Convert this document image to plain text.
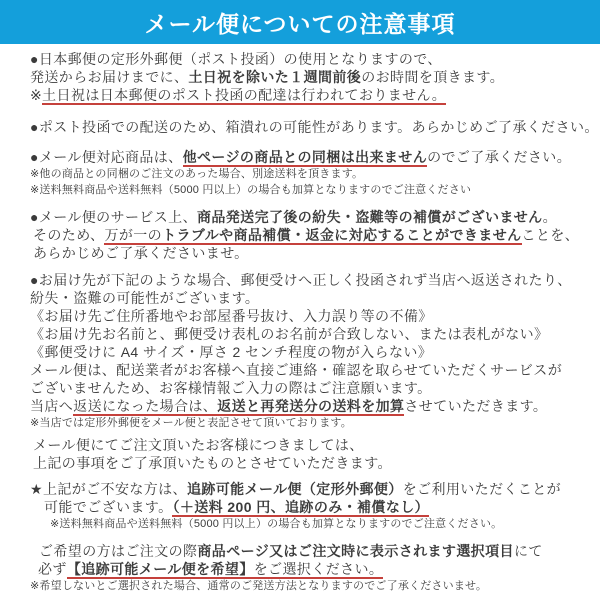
メール便についての注意事項
●日本郵便の定形外郵便（ポスト投函）の使用となりますので、
発送からお届けまでに、土日祝を除いた１週間前後のお時間を頂きます。
※土日祝は日本郵便のポスト投函の配達は行われておりません。
●ポスト投函での配送のため、箱潰れの可能性があります。あらかじめご了承ください。
●メール便対応商品は、他ページの商品との同梱は出来ませんのでご了承ください。
※他の商品との同梱のご注文のあった場合、別途送料を頂きます。
※送料無料商品や送料無料（5000 円以上）の場合も加算となりますのでご注意ください
●メール便のサービス上、商品発送完了後の紛失・盗難等の補償がございません。
そのため、万が一のトラブルや商品補償・返金に対応することができませんことを、
あらかじめご了承くださいませ。
●お届け先が下記のような場合、郵便受けへ正しく投函されず当店へ返送されたり、
紛失・盗難の可能性がございます。
《お届け先ご住所番地やお部屋番号抜け、入力誤り等の不備》
《お届け先お名前と、郵便受け表札のお名前が合致しない、または表札がない》
《郵便受けに A4 サイズ・厚さ 2 センチ程度の物が入らない》
メール便は、配送業者がお客様へ直接ご連絡・確認を取らせていただくサービスが
ございませんため、お客様情報ご入力の際はご注意願います。
当店へ返送になった場合は、返送と再発送分の送料を加算させていただきます。
※当店では定形外郵便をメール便と表記させて頂いております。
メール便にてご注文頂いたお客様につきましては、
上記の事項をご了承頂いたものとさせていただきます。
★上記がご不安な方は、追跡可能メール便（定形外郵便）をご利用いただくことが
可能でございます。（＋送料 200 円、追跡のみ・補償なし）
※送料無料商品や送料無料（5000 円以上）の場合も加算となりますのでご注意ください。
ご希望の方はご注文の際商品ページ又はご注文時に表示されます選択項目にて
必ず【追跡可能メール便を希望】をご選択ください。
※希望しないとご選択された場合、通常のご発送方法となりますのでご了承くださいませ。
